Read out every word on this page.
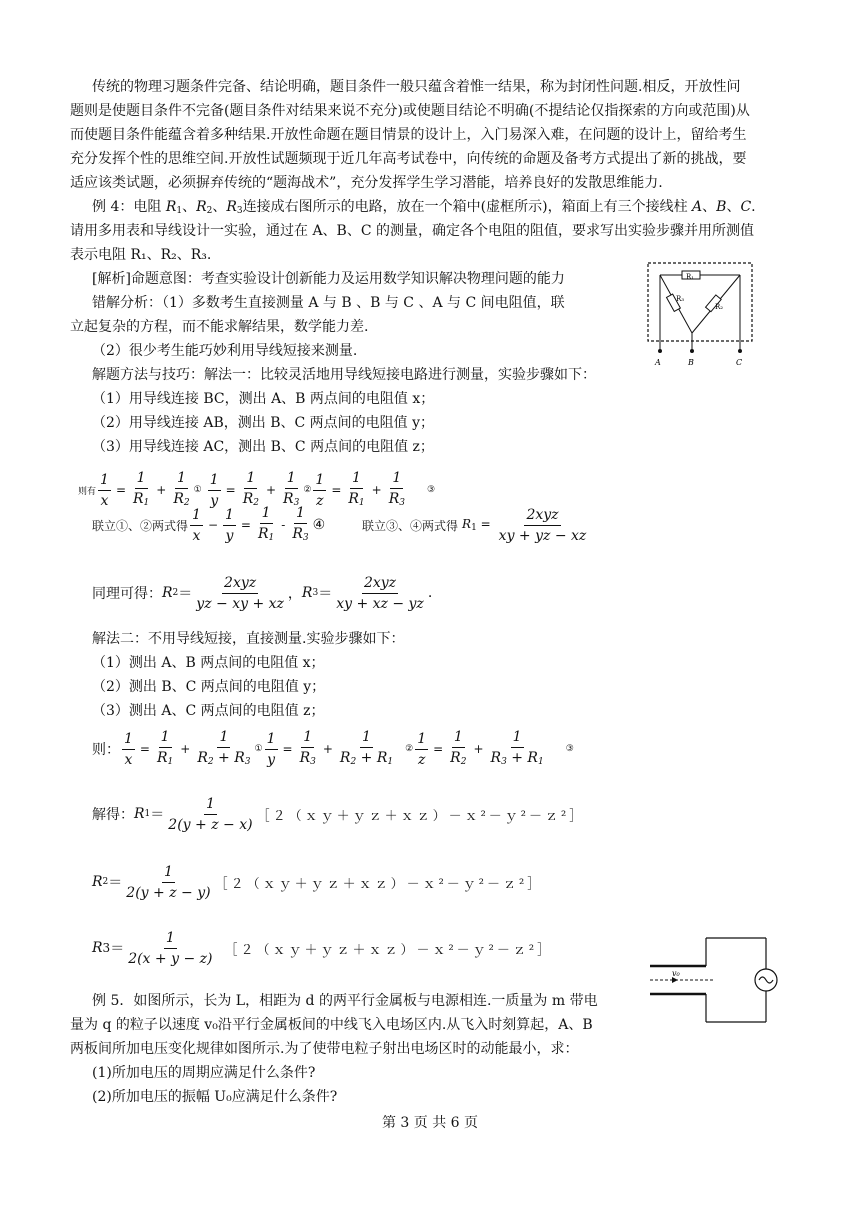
传统的物理习题条件完备、结论明确，题目条件一般只蕴含着惟一结果，称为封闭性问题.相反，开放性问
题则是使题目条件不完备(题目条件对结果来说不充分)或使题目结论不明确(不提结论仅指探索的方向或范围)从
而使题目条件能蕴含着多种结果.开放性命题在题目情景的设计上，入门易深入难，在问题的设计上，留给考生
充分发挥个性的思维空间.开放性试题频现于近几年高考试卷中，向传统的命题及备考方式提出了新的挑战，要
适应该类试题，必须摒弃传统的“题海战术”，充分发挥学生学习潜能，培养良好的发散思维能力.
例 4：电阻 $R_1$、$R_2$、$R_3$连接成右图所示的电路，放在一个箱中(虚框所示)，箱面上有三个接线柱 A、B、C.
请用多用表和导线设计一实验，通过在 A、B、C 的测量，确定各个电阻的阻值，要求写出实验步骤并用所测值
表示电阻 R₁、R₂、R₃.
[解析]命题意图：考查实验设计创新能力及运用数学知识解决物理问题的能力
错解分析：（1）多数考生直接测量 A 与 B 、B 与 C 、A 与 C 间电阻值，联
立起复杂的方程，而不能求解结果，数学能力差.
（2）很少考生能巧妙利用导线短接来测量.
解题方法与技巧：解法一：比较灵活地用导线短接电路进行测量，实验步骤如下：
（1）用导线连接 BC，测出 A、B 两点间的电阻值 x；
（2）用导线连接 AB，测出 B、C 两点间的电阻值 y；
（3）用导线连接 AC，测出 B、C 两点间的电阻值 z；
R₁
R₃
R₂
A	B	C
则有 $\frac{1}{x} = \frac{1}{R_1} + \frac{1}{R_2}$ ① $\frac{1}{y} = \frac{1}{R_2} + \frac{1}{R_3}$ ② $\frac{1}{z} = \frac{1}{R_1} + \frac{1}{R_3}$ ③
联立①、②两式得 $\frac{1}{x} - \frac{1}{y} = \frac{1}{R_1} - \frac{1}{R_3}$ ④	联立③、④两式得 $R_1 = \frac{\text{2xyz}}{xy + yz - xz}$
同理可得： R $2 = \frac{\text{2xyz}}{yz - xy + xz}$ ， R $3 = \frac{\text{2xyz}}{xy + xz - yz}$ .
解法二：不用导线短接，直接测量.实验步骤如下：
（1）测出 A、B 两点间的电阻值 x；
（2）测出 B、C 两点间的电阻值 y；
（3）测出 A、C 两点间的电阻值 z；
则： $\frac{1}{x} = \frac{1}{R_1} + \frac{1}{R_2 + R_3}$ ① $\frac{1}{y} = \frac{1}{R_3} + \frac{1}{R_2 + R_1}$ ② $\frac{1}{z} = \frac{1}{R_2} + \frac{1}{R_3 + R_1}$ ③
解得： R $1 = \frac{1}{2(y + z - x)}$ ［２（ｘｙ＋ｙｚ＋ｘｚ）－ｘ²－ｙ²－ｚ²］
R $2 = \frac{1}{2(y + z - y)}$ ［２（ｘｙ＋ｙｚ＋ｘｚ）－ｘ²－ｙ²－ｚ²］
R $3 = \frac{1}{2(x + y - z)}$ ［２（ｘｙ＋ｙｚ＋ｘｚ）－ｘ²－ｙ²－ｚ²］
v₀
例 5．如图所示，长为 L，相距为 d 的两平行金属板与电源相连.一质量为 m 带电
量为 q 的粒子以速度 v₀沿平行金属板间的中线飞入电场区内.从飞入时刻算起，A、B
两板间所加电压变化规律如图所示.为了使带电粒子射出电场区时的动能最小，求：
(1)所加电压的周期应满足什么条件?
(2)所加电压的振幅 U₀应满足什么条件?
第 3 页 共 6 页
